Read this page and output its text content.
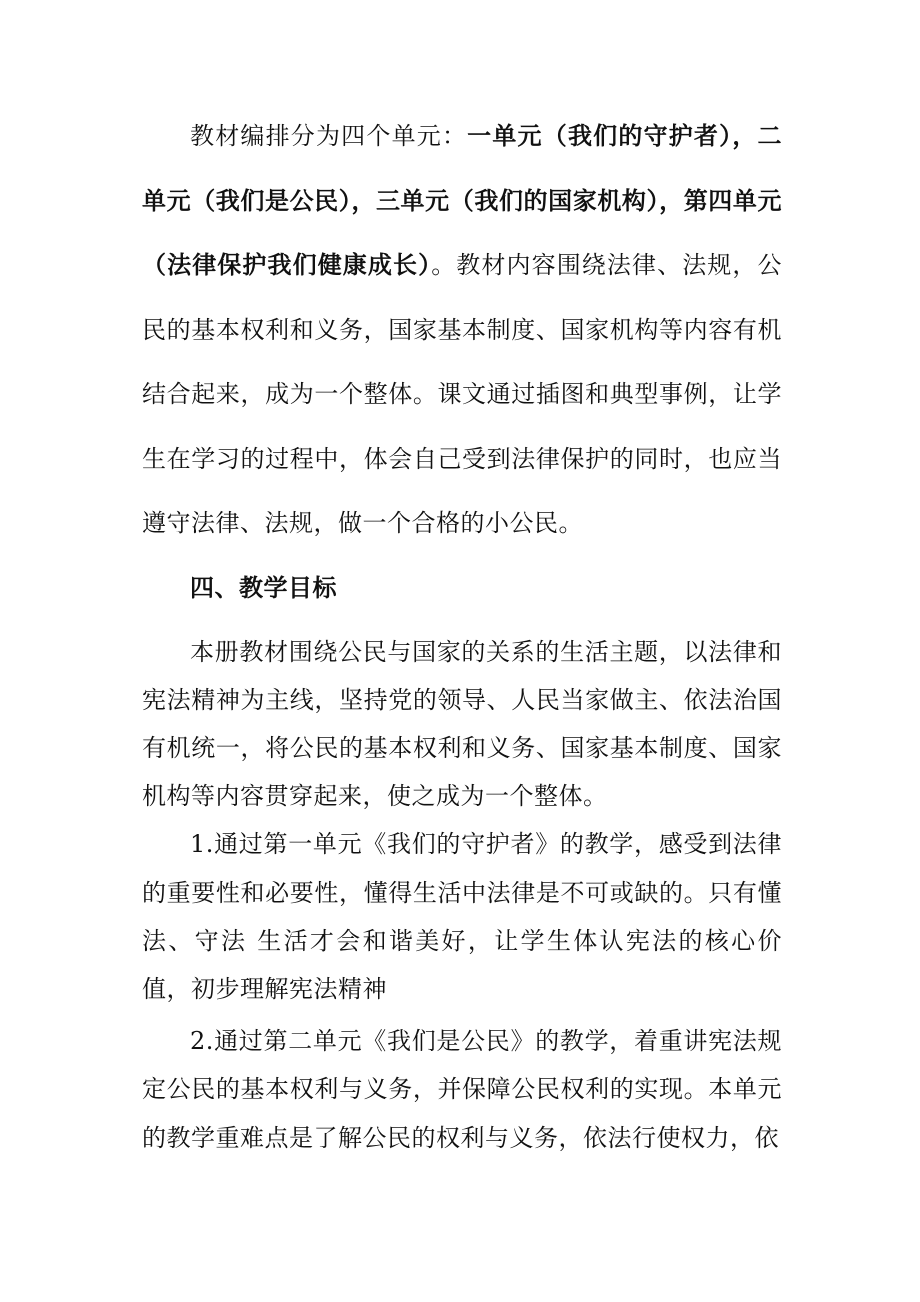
教材编排分为四个单元：一单元（我们的守护者），二单元（我们是公民），三单元（我们的国家机构），第四单元（法律保护我们健康成长）。教材内容围绕法律、法规，公民的基本权利和义务，国家基本制度、国家机构等内容有机结合起来，成为一个整体。课文通过插图和典型事例，让学生在学习的过程中，体会自己受到法律保护的同时，也应当遵守法律、法规，做一个合格的小公民。

四、教学目标

本册教材围绕公民与国家的关系的生活主题，以法律和宪法精神为主线，坚持党的领导、人民当家做主、依法治国有机统一，将公民的基本权利和义务、国家基本制度、国家机构等内容贯穿起来，使之成为一个整体。

1.通过第一单元《我们的守护者》的教学，感受到法律的重要性和必要性，懂得生活中法律是不可或缺的。只有懂法、守法 生活才会和谐美好，让学生体认宪法的核心价值，初步理解宪法精神

2.通过第二单元《我们是公民》的教学，着重讲宪法规定公民的基本权利与义务，并保障公民权利的实现。本单元的教学重难点是了解公民的权利与义务，依法行使权力，依
